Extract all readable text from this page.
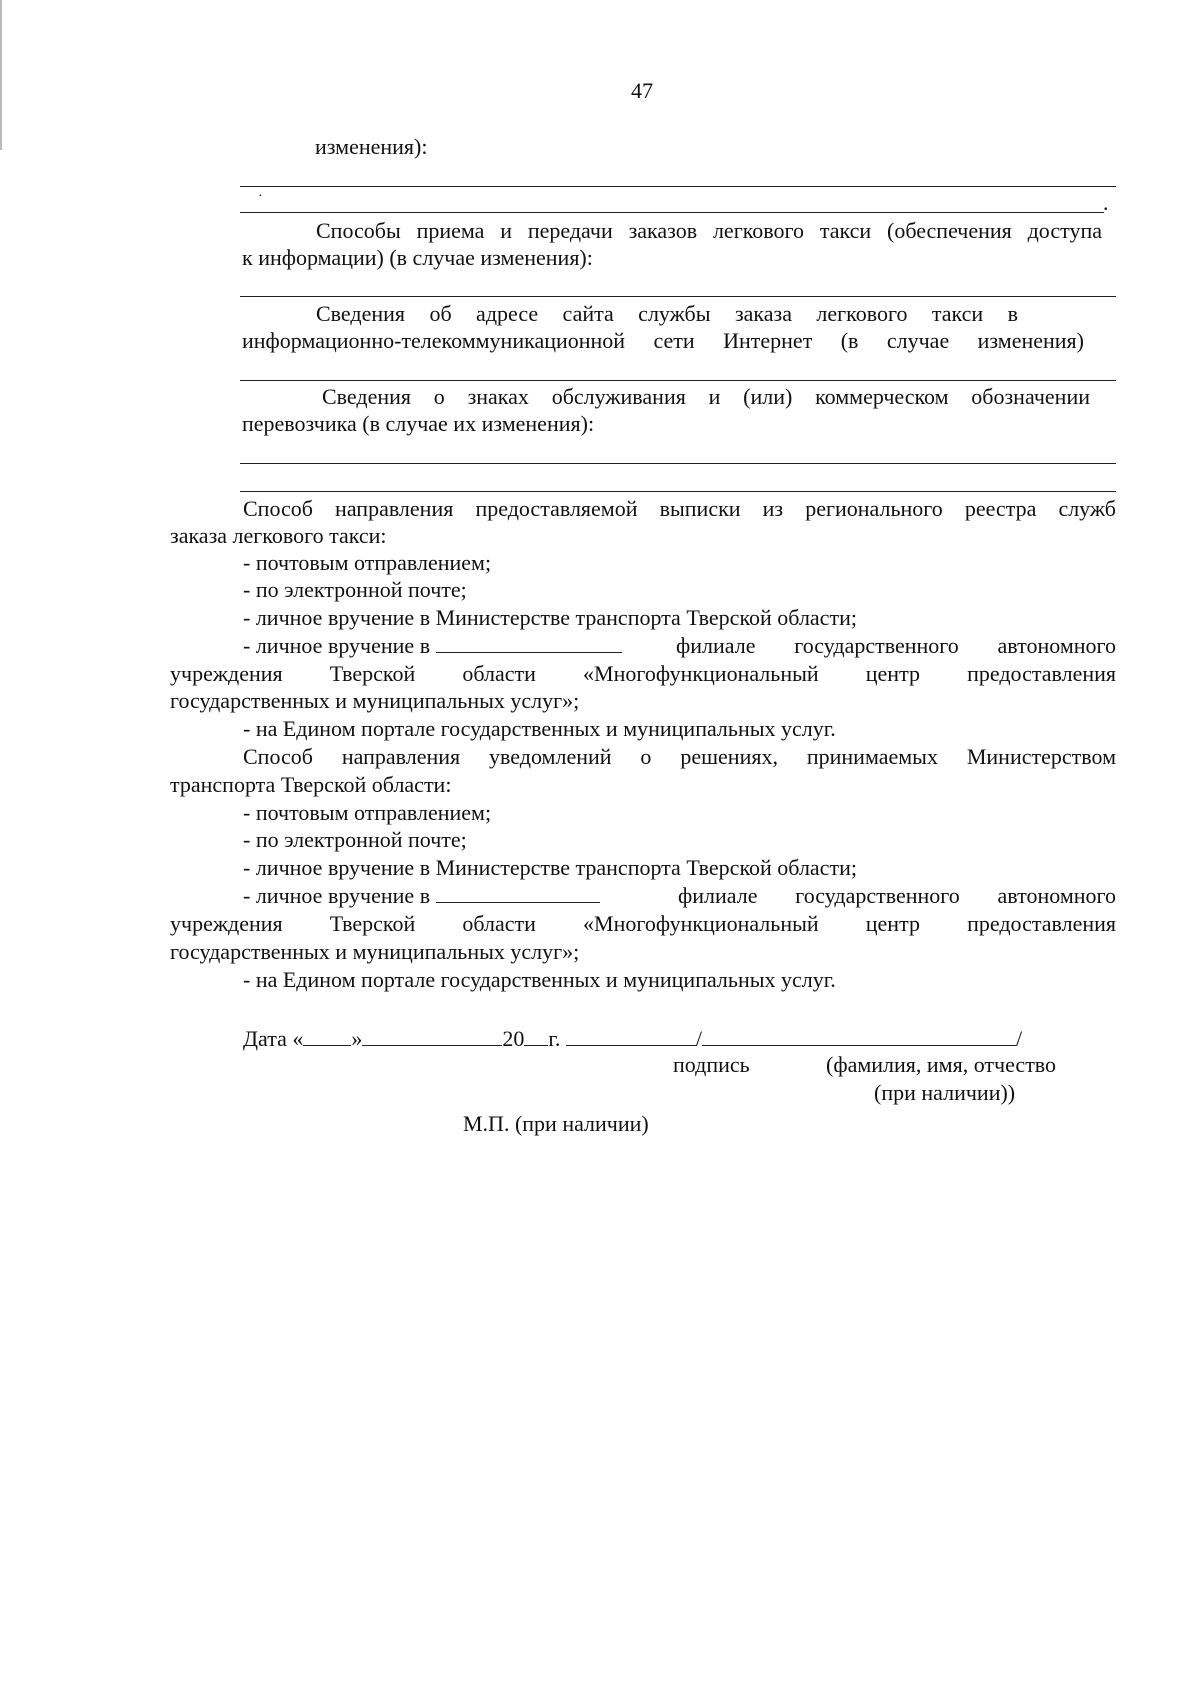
47
изменения):
·	.
Способы приема и передачи заказов легкового такси (обеспечения доступа
к информации) (в случае изменения):
Сведения об адресе сайта службы заказа легкового такси в
информационно-телекоммуникационной сети Интернет (в случае изменения)
Сведения о знаках обслуживания и (или) коммерческом обозначении
перевозчика (в случае их изменения):
Способ направления предоставляемой выписки из регионального реестра служб
заказа легкового такси:
- почтовым отправлением;
- по электронной почте;
- личное вручение в Министерстве транспорта Тверской области;
- личное вручение в	филиале государственного автономного
учреждения Тверской области «Многофункциональный центр предоставления
государственных и муниципальных услуг»;
- на Едином портале государственных и муниципальных услуг.
Способ направления уведомлений о решениях, принимаемых Министерством
транспорта Тверской области:
- почтовым отправлением;
- по электронной почте;
- личное вручение в Министерстве транспорта Тверской области;
- личное вручение в	филиале государственного автономного
учреждения Тверской области «Многофункциональный центр предоставления
государственных и муниципальных услуг»;
- на Едином портале государственных и муниципальных услуг.
Дата « »	20 г.	/	/
подпись	(фамилия, имя, отчество
(при наличии))
М.П. (при наличии)
